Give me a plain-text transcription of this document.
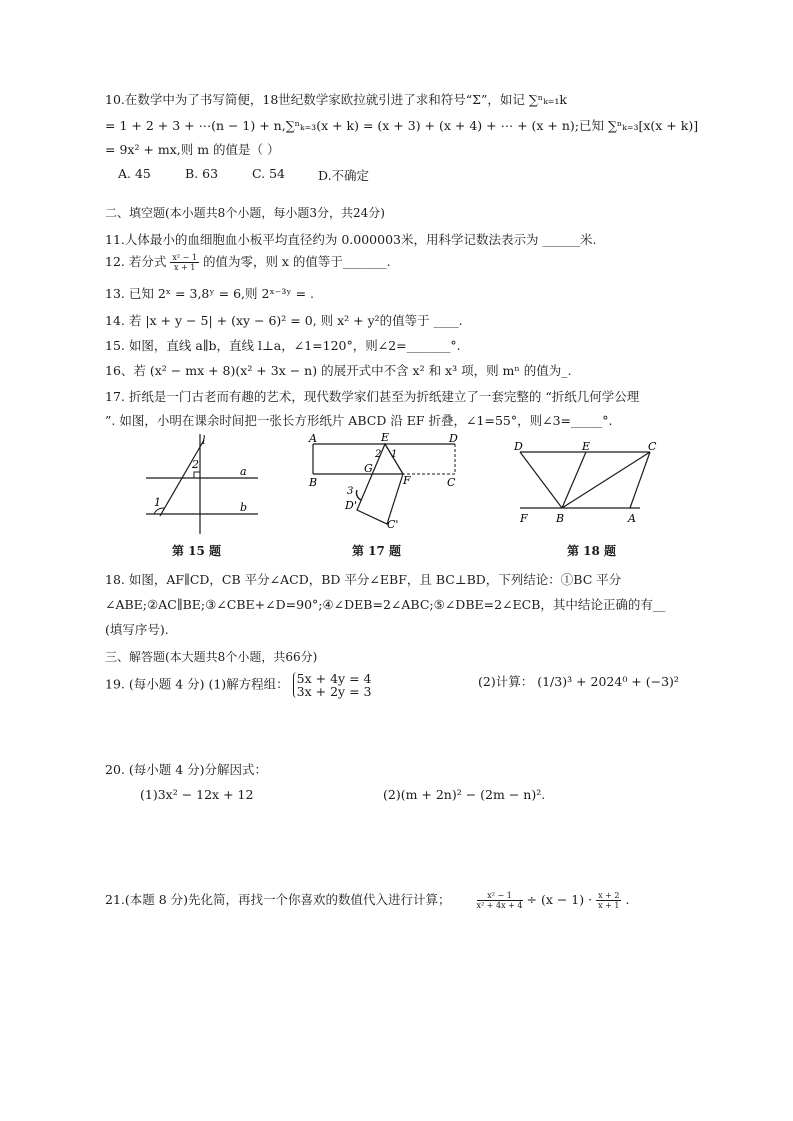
10.在数学中为了书写简便，18世纪数学家欧拉就引进了求和符号“Σ”，如记 ∑ⁿₖ₌₁k
= 1 + 2 + 3 + ⋯(n − 1) + n,∑ⁿₖ₌₃(x + k) = (x + 3) + (x + 4) + ⋯ + (x + n);已知 ∑ⁿₖ₌₃[x(x + k)]
= 9x² + mx,则 m 的值是（ ）
A. 45	B. 63	C. 54	D.不确定
二、填空题(本小题共8个小题，每小题3分，共24分)
11.人体最小的血细胞血小板平均直径约为 0.000003米，用科学记数法表示为 ______米.
12. 若分式 $\frac{\text{x² − 1}}{x + 1}$ 的值为零，则 x 的值等于_______.
13. 已知 2ˣ = 3,8ʸ = 6,则 2ˣ⁻³ʸ = .
14. 若 |x + y − 5| + (xy − 6)² = 0, 则 x² + y²的值等于 ____.
15. 如图，直线 a∥b，直线 l⊥a，∠1=120°，则∠2=_______°.
16、若 (x² − mx + 8)(x² + 3x − n) 的展开式中不含 x² 和 x³ 项，则 mⁿ 的值为_.
17. 折纸是一门古老而有趣的艺术，现代数学家们甚至为折纸建立了一套完整的 “折纸几何学公理
”. 如图，小明在课余时间把一张长方形纸片 ABCD 沿 EF 折叠，∠1=55°，则∠3=_____°.
l
a
b
1
2
第 15 题
A	E	D
B
G
F	C
D'
C'
1
2
3
第 17 题
D	E	C
F	B	A
第 18 题
18. 如图，AF∥CD，CB 平分∠ACD，BD 平分∠EBF，且 BC⊥BD，下列结论：①BC 平分
∠ABE;②AC∥BE;③∠CBE+∠D=90°;④∠DEB=2∠ABC;⑤∠DBE=2∠ECB，其中结论正确的有__
(填写序号).
三、解答题(本大题共8个小题，共66分)
19. (每小题 4 分) (1)解方程组： 5x + 4y = 4
3x + 2y = 3
(2)计算： (1/3)³ + 2024⁰ + (−3)²
20. (每小题 4 分)分解因式：
(1)3x² − 12x + 12	(2)(m + 2n)² − (2m − n)².
21.(本题 8 分)先化简，再找一个你喜欢的数值代入进行计算；	$\frac{\text{x² − 1}}{\text{x² + 4x + 4}} \div (x - 1) \cdot \frac{x + 2}{x + 1}$ .
